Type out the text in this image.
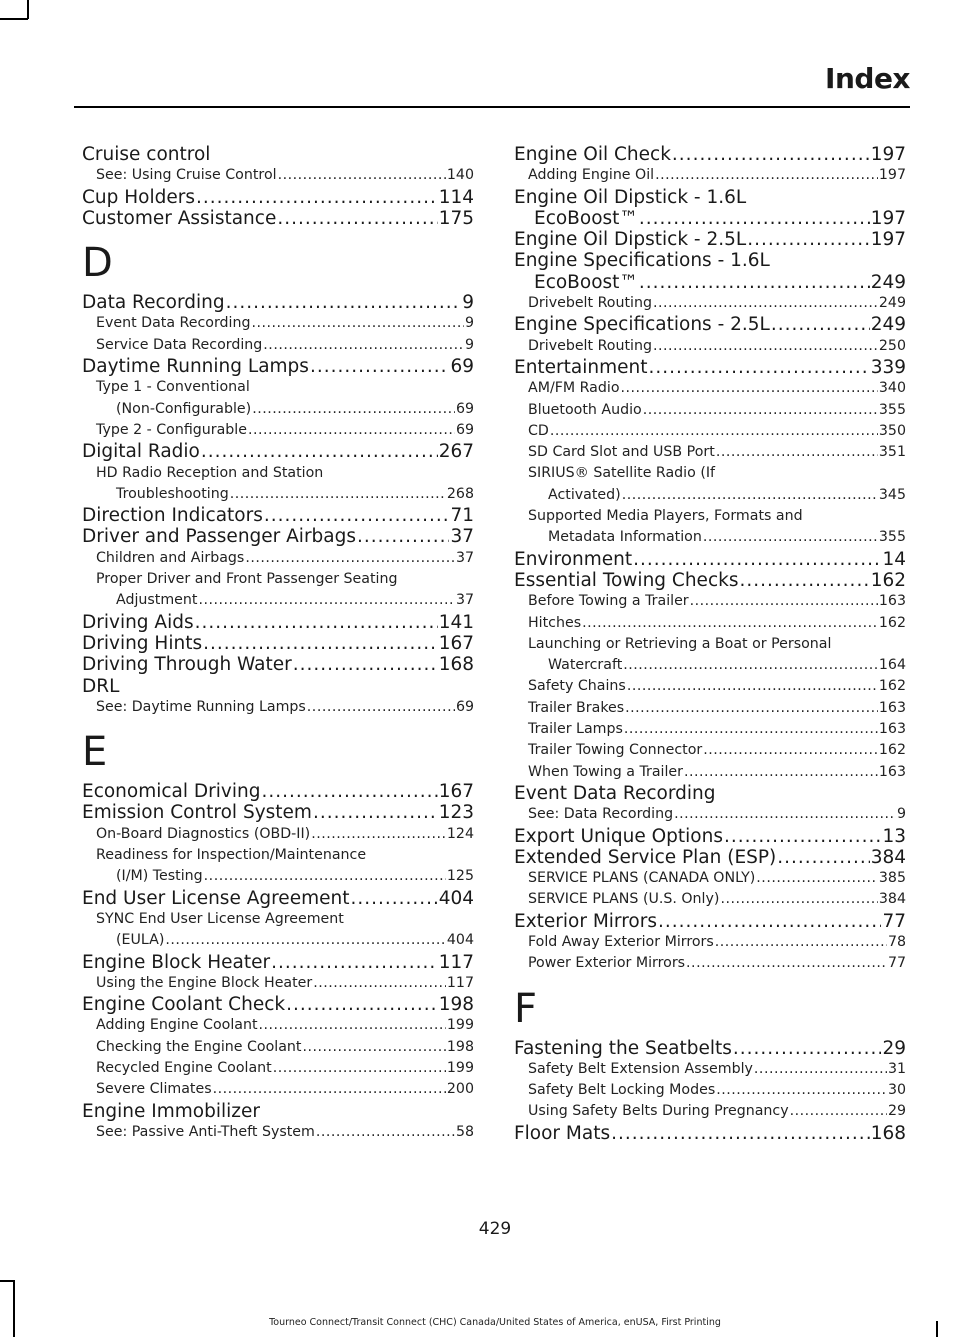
Index
Cruise control
See: Using Cruise Control .....	140
Cup Holders .....	114
Customer Assistance .....	175
D
Data Recording .....	9
Event Data Recording .....	9
Service Data Recording .....	9
Daytime Running Lamps .....	69
Type 1 - Conventional
(Non-Configurable) .....	69
Type 2 - Configurable .....	69
Digital Radio .....	267
HD Radio Reception and Station
Troubleshooting .....	268
Direction Indicators .....	71
Driver and Passenger Airbags .....	37
Children and Airbags .....	37
Proper Driver and Front Passenger Seating
Adjustment .....	37
Driving Aids .....	141
Driving Hints .....	167
Driving Through Water .....	168
DRL
See: Daytime Running Lamps .....	69
E
Economical Driving .....	167
Emission Control System .....	123
On-Board Diagnostics (OBD-II) .....	124
Readiness for Inspection/Maintenance
(I/M) Testing .....	125
End User License Agreement .....	404
SYNC End User License Agreement
(EULA) .....	404
Engine Block Heater .....	117
Using the Engine Block Heater .....	117
Engine Coolant Check .....	198
Adding Engine Coolant .....	199
Checking the Engine Coolant .....	198
Recycled Engine Coolant .....	199
Severe Climates .....	200
Engine Immobilizer
See: Passive Anti-Theft System .....	58
Engine Oil Check .....	197
Adding Engine Oil .....	197
Engine Oil Dipstick - 1.6L
EcoBoost™ .....	197
Engine Oil Dipstick - 2.5L .....	197
Engine Specifications - 1.6L
EcoBoost™ .....	249
Drivebelt Routing .....	249
Engine Specifications - 2.5L .....	249
Drivebelt Routing .....	250
Entertainment .....	339
AM/FM Radio .....	340
Bluetooth Audio .....	355
CD .....	350
SD Card Slot and USB Port .....	351
SIRIUS® Satellite Radio (If
Activated) .....	345
Supported Media Players, Formats and
Metadata Information .....	355
Environment .....	14
Essential Towing Checks .....	162
Before Towing a Trailer .....	163
Hitches .....	162
Launching or Retrieving a Boat or Personal
Watercraft .....	164
Safety Chains .....	162
Trailer Brakes .....	163
Trailer Lamps .....	163
Trailer Towing Connector .....	162
When Towing a Trailer .....	163
Event Data Recording
See: Data Recording .....	9
Export Unique Options .....	13
Extended Service Plan (ESP) .....	384
SERVICE PLANS (CANADA ONLY) .....	385
SERVICE PLANS (U.S. Only) .....	384
Exterior Mirrors .....	77
Fold Away Exterior Mirrors .....	78
Power Exterior Mirrors .....	77
F
Fastening the Seatbelts .....	29
Safety Belt Extension Assembly .....	31
Safety Belt Locking Modes .....	30
Using Safety Belts During Pregnancy .....	29
Floor Mats .....	168
429
Tourneo Connect/Transit Connect (CHC) Canada/United States of America, enUSA, First Printing
